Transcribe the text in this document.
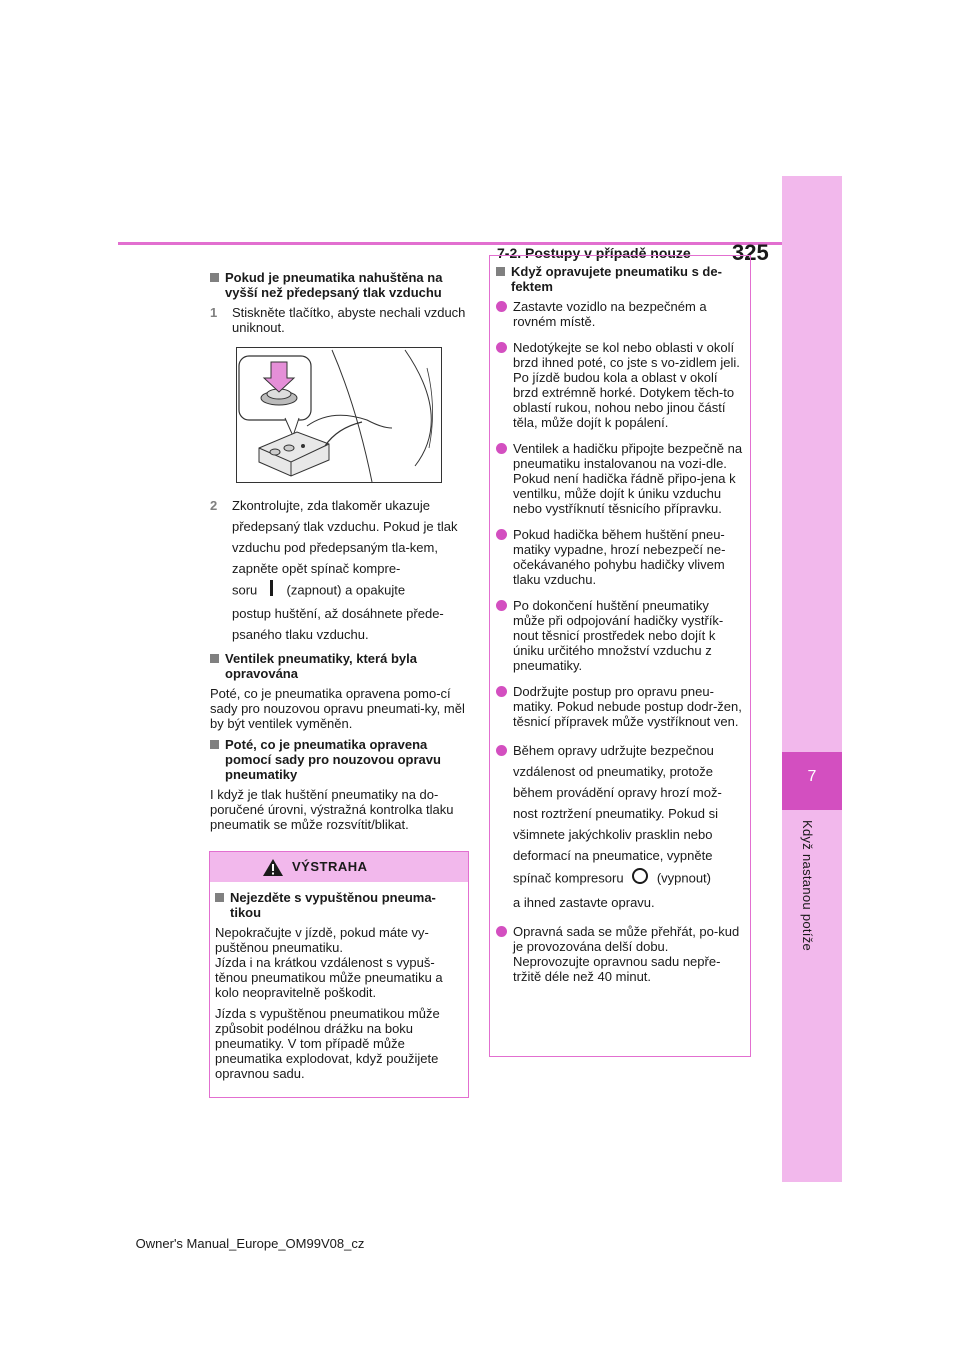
7-2. Postupy v případě nouze	325
7
Když nastanou potíže
Pokud je pneumatika nahuštěna na vyšší než předepsaný tlak vzduchu
1 Stiskněte tlačítko, abyste nechali vzduch uniknout.
2 Zkontrolujte, zda tlakoměr ukazuje předepsaný tlak vzduchu. Pokud je tlak vzduchu pod předepsaným tla-kem, zapněte opět spínač kompre-
soru (zapnout) a opakujte
postup huštění, až dosáhnete přede-psaného tlaku vzduchu.
Ventilek pneumatiky, která byla opravována

Poté, co je pneumatika opravena pomo-cí sady pro nouzovou opravu pneumati-ky, měl by být ventilek vyměněn.

Poté, co je pneumatika opravena pomocí sady pro nouzovou opravu pneumatiky

I když je tlak huštění pneumatiky na do-poručené úrovni, výstražná kontrolka tlaku pneumatik se může rozsvítit/blikat.

VÝSTRAHA
Nejezděte s vypuštěnou pneuma-tikou

Nepokračujte v jízdě, pokud máte vy-puštěnou pneumatiku.
Jízda i na krátkou vzdálenost s vypuš-těnou pneumatikou může pneumatiku a kolo neopravitelně poškodit.

Jízda s vypuštěnou pneumatikou může způsobit podélnou drážku na boku pneumatiky. V tom případě může pneumatika explodovat, když použijete opravnou sadu.

Když opravujete pneumatiku s de-fektem
Zastavte vozidlo na bezpečném a rovném místě.
Nedotýkejte se kol nebo oblasti v okolí brzd ihned poté, co jste s vo-zidlem jeli.
Po jízdě budou kola a oblast v okolí brzd extrémně horké. Dotykem těch-to oblastí rukou, nohou nebo jinou částí těla, může dojít k popálení.
Ventilek a hadičku připojte bezpečně na pneumatiku instalovanou na vozi-dle. Pokud není hadička řádně připo-jena k ventilku, může dojít k úniku vzduchu nebo vystříknutí těsnicího přípravku.
Pokud hadička během huštění pneu-matiky vypadne, hrozí nebezpečí ne-očekávaného pohybu hadičky vlivem tlaku vzduchu.
Po dokončení huštění pneumatiky může při odpojování hadičky vystřík-nout těsnicí prostředek nebo dojít k úniku určitého množství vzduchu z pneumatiky.
Dodržujte postup pro opravu pneu-matiky. Pokud nebude postup dodr-žen, těsnicí přípravek může vystříknout ven.
Během opravy udržujte bezpečnou vzdálenost od pneumatiky, protože během provádění opravy hrozí mož-nost roztržení pneumatiky. Pokud si všimnete jakýchkoliv prasklin nebo deformací na pneumatice, vypněte
spínač kompresoru	(vypnout)
a ihned zastavte opravu.
Opravná sada se může přehřát, po-kud je provozována delší dobu. Neprovozujte opravnou sadu nepře-tržitě déle než 40 minut.
Owner's Manual_Europe_OM99V08_cz
